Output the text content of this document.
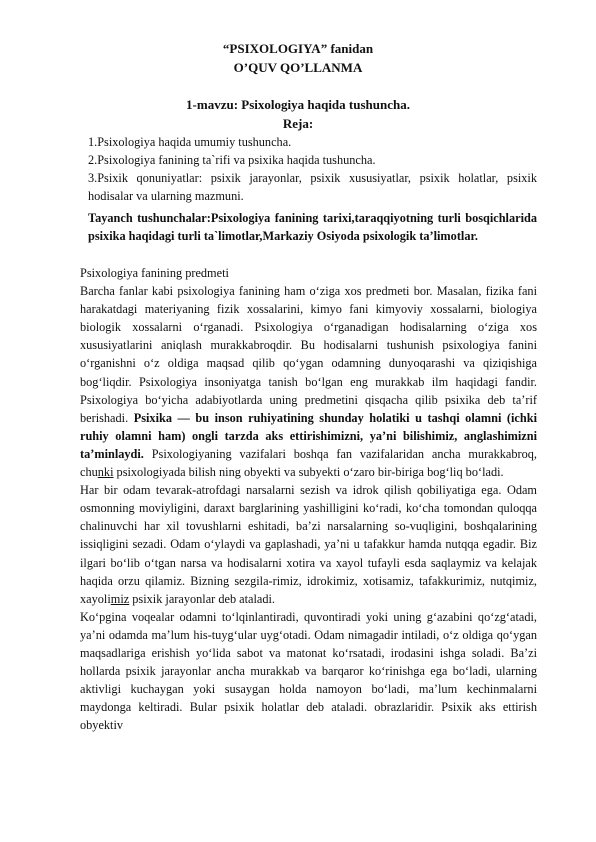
“PSIXOLOGIYA” fanidan
O’QUV QO’LLANMA
1-mavzu: Psixologiya haqida tushuncha.
Reja:
1.Psixologiya haqida umumiy tushuncha.
2.Psixologiya fanining ta`rifi va psixika haqida tushuncha.
3.Psixik qonuniyatlar: psixik jarayonlar, psixik xususiyatlar, psixik holatlar, psixik hodisalar va ularning mazmuni.
Tayanch tushunchalar:Psixologiya fanining tarixi,taraqqiyotning turli bosqichlarida psixika haqidagi turli ta`limotlar,Markaziy Osiyoda psixologik ta’limotlar.

Psixologiya fanining predmeti

Barcha fanlar kabi psixologiya fanining ham o‘ziga xos predmeti bor. Masalan, fizika fani harakatdagi materiyaning fizik xossalarini, kimyo fani kimyoviy xossalarni, biologiya biologik xossalarni o‘rganadi. Psixologiya o‘rganadigan hodisalarning o‘ziga xos xususiyatlarini aniqlash murakkabroqdir. Bu hodisalarni tushunish psixologiya fanini o‘rganishni o‘z oldiga maqsad qilib qo‘ygan odamning dunyoqarashi va qiziqishiga bog‘liqdir. Psixologiya insoniyatga tanish bo‘lgan eng murakkab ilm haqidagi fandir. Psixologiya bo‘yicha adabiyotlarda uning predmetini qisqacha qilib psixika deb ta’rif berishadi. Psixika — bu inson ruhiyatining shunday holatiki u tashqi olamni (ichki ruhiy olamni ham) ongli tarzda aks ettirishimizni, ya’ni bilishimiz, anglashimizni ta’minlaydi. Psixologiyaning vazifalari boshqa fan vazifalaridan ancha murakkabroq, chunki psixologiyada bilish ning obyekti va subyekti o‘zaro bir-biriga bog‘liq bo‘ladi.

Har bir odam tevarak-atrofdagi narsalarni sezish va idrok qilish qobiliyatiga ega. Odam osmonning moviyligini, daraxt barglarining yashilligini ko‘radi, ko‘cha tomondan quloqqa chalinuvchi har xil tovushlarni eshitadi, ba’zi narsalarning so-vuqligini, boshqalarining issiqligini sezadi. Odam o‘ylaydi va gaplashadi, ya’ni u tafakkur hamda nutqqa egadir. Biz ilgari bo‘lib o‘tgan narsa va hodisalarni xotira va xayol tufayli esda saqlaymiz va kelajak haqida orzu qilamiz. Bizning sezgila-rimiz, idrokimiz, xotisamiz, tafakkurimiz, nutqimiz, xayolimiz psixik jarayonlar deb ataladi.

Ko‘pgina voqealar odamni to‘lqinlantiradi, quvontiradi yoki uning g‘azabini qo‘zg‘atadi, ya’ni odamda ma’lum his-tuyg‘ular uyg‘otadi. Odam nimagadir intiladi, o‘z oldiga qo‘ygan maqsadlariga erishish yo‘lida sabot va matonat ko‘rsatadi, irodasini ishga soladi. Ba’zi hollarda psixik jarayonlar ancha murakkab va barqaror ko‘rinishga ega bo‘ladi, ularning aktivligi kuchaygan yoki susaygan holda namoyon bo‘ladi, ma’lum kechinmalarni maydonga keltiradi. Bular psixik holatlar deb ataladi. obrazlaridir. Psixik aks ettirish obyektiv
